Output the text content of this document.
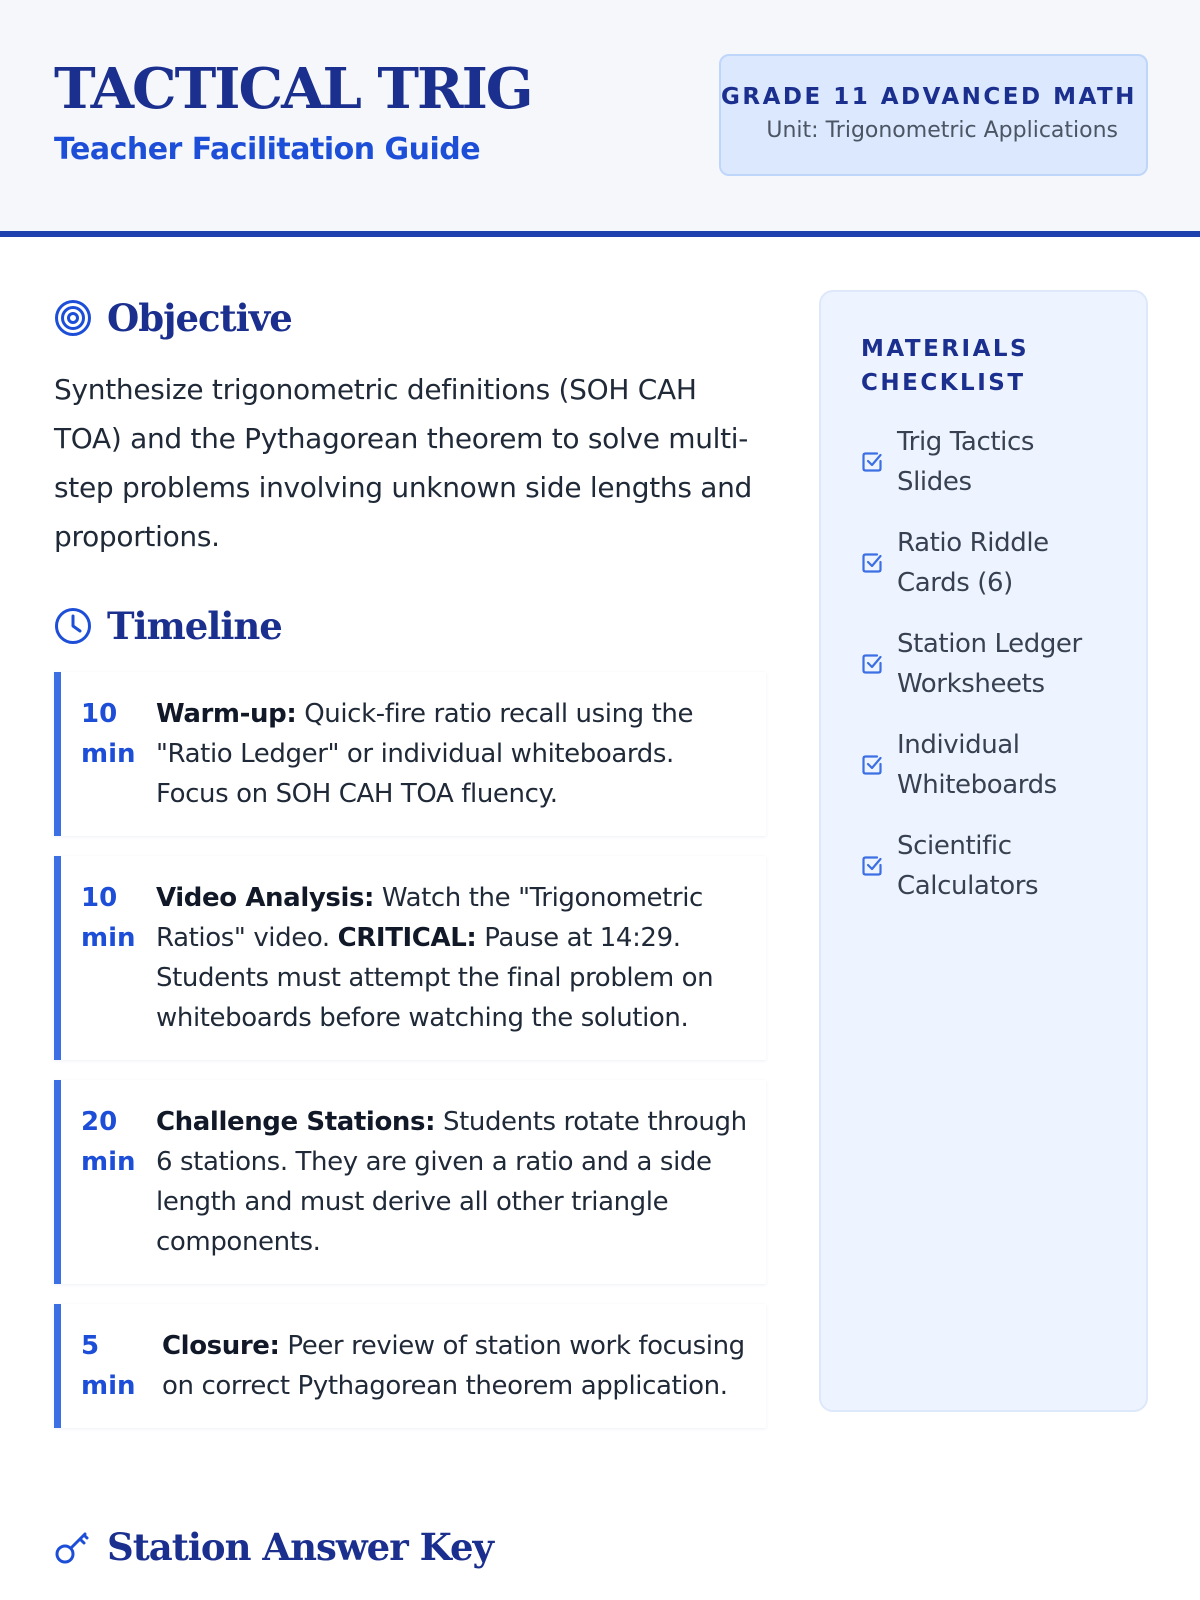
TACTICAL TRIG
Teacher Facilitation Guide
GRADE 11 ADVANCED MATH
Unit: Trigonometric Applications
Objective

Synthesize trigonometric definitions (SOH CAH TOA) and the Pythagorean theorem to solve multi-step problems involving unknown side lengths and proportions.

Timeline
10 min
Warm-up: Quick-fire ratio recall using the "Ratio Ledger" or individual whiteboards. Focus on SOH CAH TOA fluency.
10 min
Video Analysis: Watch the "Trigonometric Ratios" video. CRITICAL: Pause at 14:29. Students must attempt the final problem on whiteboards before watching the solution.
20 min
Challenge Stations: Students rotate through 6 stations. They are given a ratio and a side length and must derive all other triangle components.
5 min
Closure: Peer review of station work focusing on correct Pythagorean theorem application.
MATERIALS
CHECKLIST
Trig Tactics
Slides
Ratio Riddle
Cards (6)
Station Ledger
Worksheets
Individual
Whiteboards
Scientific
Calculators
Station Answer Key
